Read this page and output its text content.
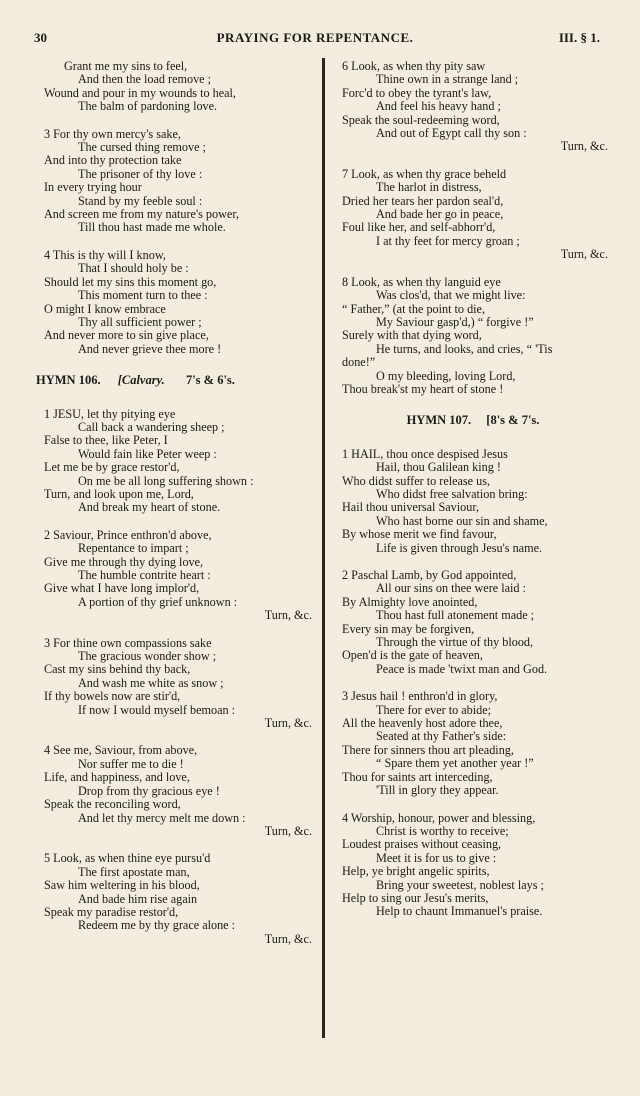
30	PRAYING FOR REPENTANCE.	III. § 1.
Grant me my sins to feel,
And then the load remove ;
Wound and pour in my wounds to heal,
The balm of pardoning love.
3 For thy own mercy's sake,
The cursed thing remove ;
And into thy protection take
The prisoner of thy love :
In every trying hour
Stand by my feeble soul :
And screen me from my nature's power,
Till thou hast made me whole.
4 This is thy will I know,
That I should holy be :
Should let my sins this moment go,
This moment turn to thee :
O might I know embrace
Thy all sufficient power ;
And never more to sin give place,
And never grieve thee more !
HYMN 106. [Calvary. 7's & 6's.
1 JESU, let thy pitying eye
Call back a wandering sheep ;
False to thee, like Peter, I
Would fain like Peter weep :
Let me be by grace restor'd,
On me be all long suffering shown :
Turn, and look upon me, Lord,
And break my heart of stone.
2 Saviour, Prince enthron'd above,
Repentance to impart ;
Give me through thy dying love,
The humble contrite heart :
Give what I have long implor'd,
A portion of thy grief unknown :
Turn, &c.
3 For thine own compassions sake
The gracious wonder show ;
Cast my sins behind thy back,
And wash me white as snow ;
If thy bowels now are stir'd,
If now I would myself bemoan :
Turn, &c.
4 See me, Saviour, from above,
Nor suffer me to die !
Life, and happiness, and love,
Drop from thy gracious eye !
Speak the reconciling word,
And let thy mercy melt me down :
Turn, &c.
5 Look, as when thine eye pursu'd
The first apostate man,
Saw him weltering in his blood,
And bade him rise again
Speak my paradise restor'd,
Redeem me by thy grace alone :
Turn, &c.
6 Look, as when thy pity saw
Thine own in a strange land ;
Forc'd to obey the tyrant's law,
And feel his heavy hand ;
Speak the soul-redeeming word,
And out of Egypt call thy son :
Turn, &c.
7 Look, as when thy grace beheld
The harlot in distress,
Dried her tears her pardon seal'd,
And bade her go in peace,
Foul like her, and self-abhorr'd,
I at thy feet for mercy groan ;
Turn, &c.
8 Look, as when thy languid eye
Was clos'd, that we might live:
“ Father,” (at the point to die,
My Saviour gasp'd,) “ forgive !”
Surely with that dying word,
He turns, and looks, and cries, “ 'Tis
done!”
O my bleeding, loving Lord,
Thou break'st my heart of stone !
HYMN 107. [8's & 7's.
1 HAIL, thou once despised Jesus
Hail, thou Galilean king !
Who didst suffer to release us,
Who didst free salvation bring:
Hail thou universal Saviour,
Who hast borne our sin and shame,
By whose merit we find favour,
Life is given through Jesu's name.
2 Paschal Lamb, by God appointed,
All our sins on thee were laid :
By Almighty love anointed,
Thou hast full atonement made ;
Every sin may be forgiven,
Through the virtue of thy blood,
Open'd is the gate of heaven,
Peace is made 'twixt man and God.
3 Jesus hail ! enthron'd in glory,
There for ever to abide;
All the heavenly host adore thee,
Seated at thy Father's side:
There for sinners thou art pleading,
“ Spare them yet another year !”
Thou for saints art interceding,
'Till in glory they appear.
4 Worship, honour, power and blessing,
Christ is worthy to receive;
Loudest praises without ceasing,
Meet it is for us to give :
Help, ye bright angelic spirits,
Bring your sweetest, noblest lays ;
Help to sing our Jesu's merits,
Help to chaunt Immanuel's praise.
